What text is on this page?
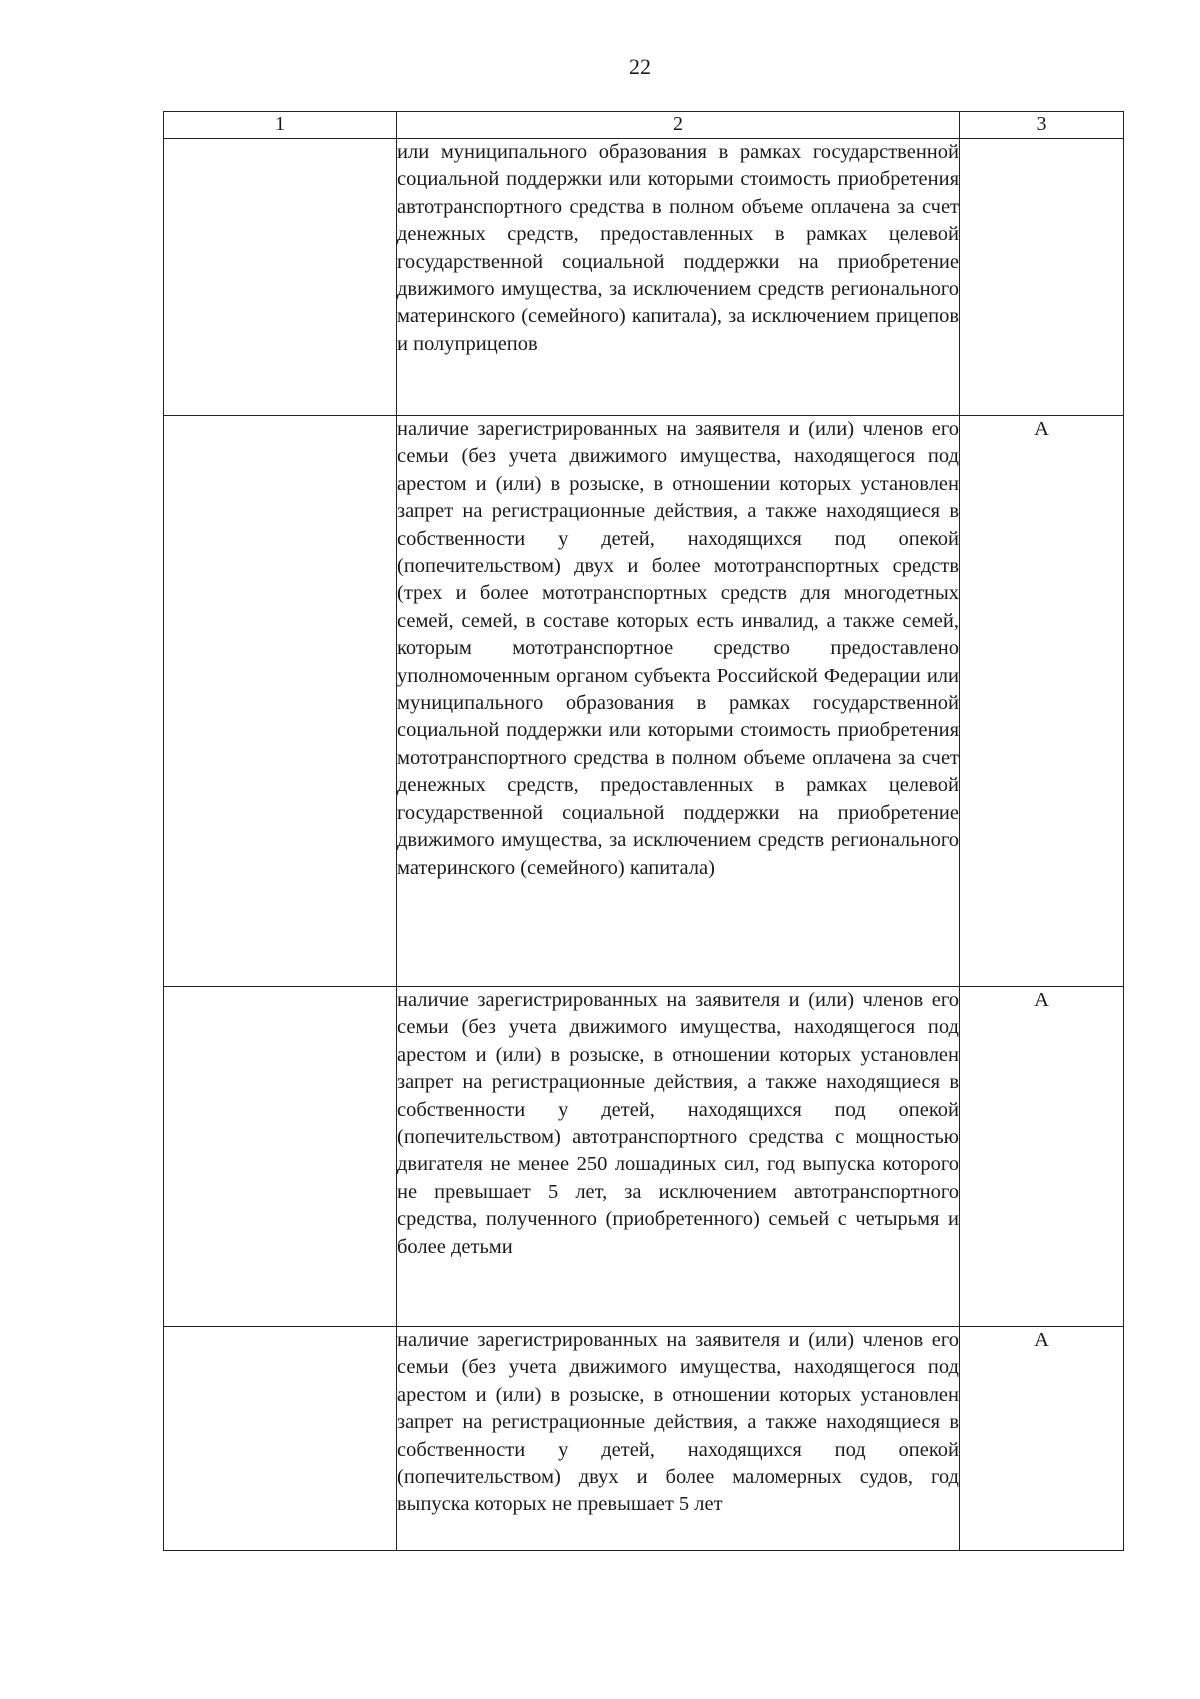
22
1	2	3
	или муниципального образования в рамках государственной социальной поддержки или которыми стоимость приобретения автотранспортного средства в полном объеме оплачена за счет денежных средств, предоставленных в рамках целевой государственной социальной поддержки на приобретение движимого имущества, за исключением средств регионального материнского (семейного) капитала), за исключением прицепов и полуприцепов	
	наличие зарегистрированных на заявителя и (или) членов его семьи (без учета движимого имущества, находящегося под арестом и (или) в розыске, в отношении которых установлен запрет на регистрационные действия, а также находящиеся в собственности у детей, находящихся под опекой (попечительством) двух и более мототранспортных средств (трех и более мототранспортных средств для многодетных семей, семей, в составе которых есть инвалид, а также семей, которым мототранспортное средство предоставлено уполномоченным органом субъекта Российской Федерации или муниципального образования в рамках государственной социальной поддержки или которыми стоимость приобретения мототранспортного средства в полном объеме оплачена за счет денежных средств, предоставленных в рамках целевой государственной социальной поддержки на приобретение движимого имущества, за исключением средств регионального материнского (семейного) капитала)	А
	наличие зарегистрированных на заявителя и (или) членов его семьи (без учета движимого имущества, находящегося под арестом и (или) в розыске, в отношении которых установлен запрет на регистрационные действия, а также находящиеся в собственности у детей, находящихся под опекой (попечительством) автотранспортного средства с мощностью двигателя не менее 250 лошадиных сил, год выпуска которого не превышает 5 лет, за исключением автотранспортного средства, полученного (приобретенного) семьей с четырьмя и более детьми	А
	наличие зарегистрированных на заявителя и (или) членов его семьи (без учета движимого имущества, находящегося под арестом и (или) в розыске, в отношении которых установлен запрет на регистрационные действия, а также находящиеся в собственности у детей, находящихся под опекой (попечительством) двух и более маломерных судов, год выпуска которых не превышает 5 лет	А
